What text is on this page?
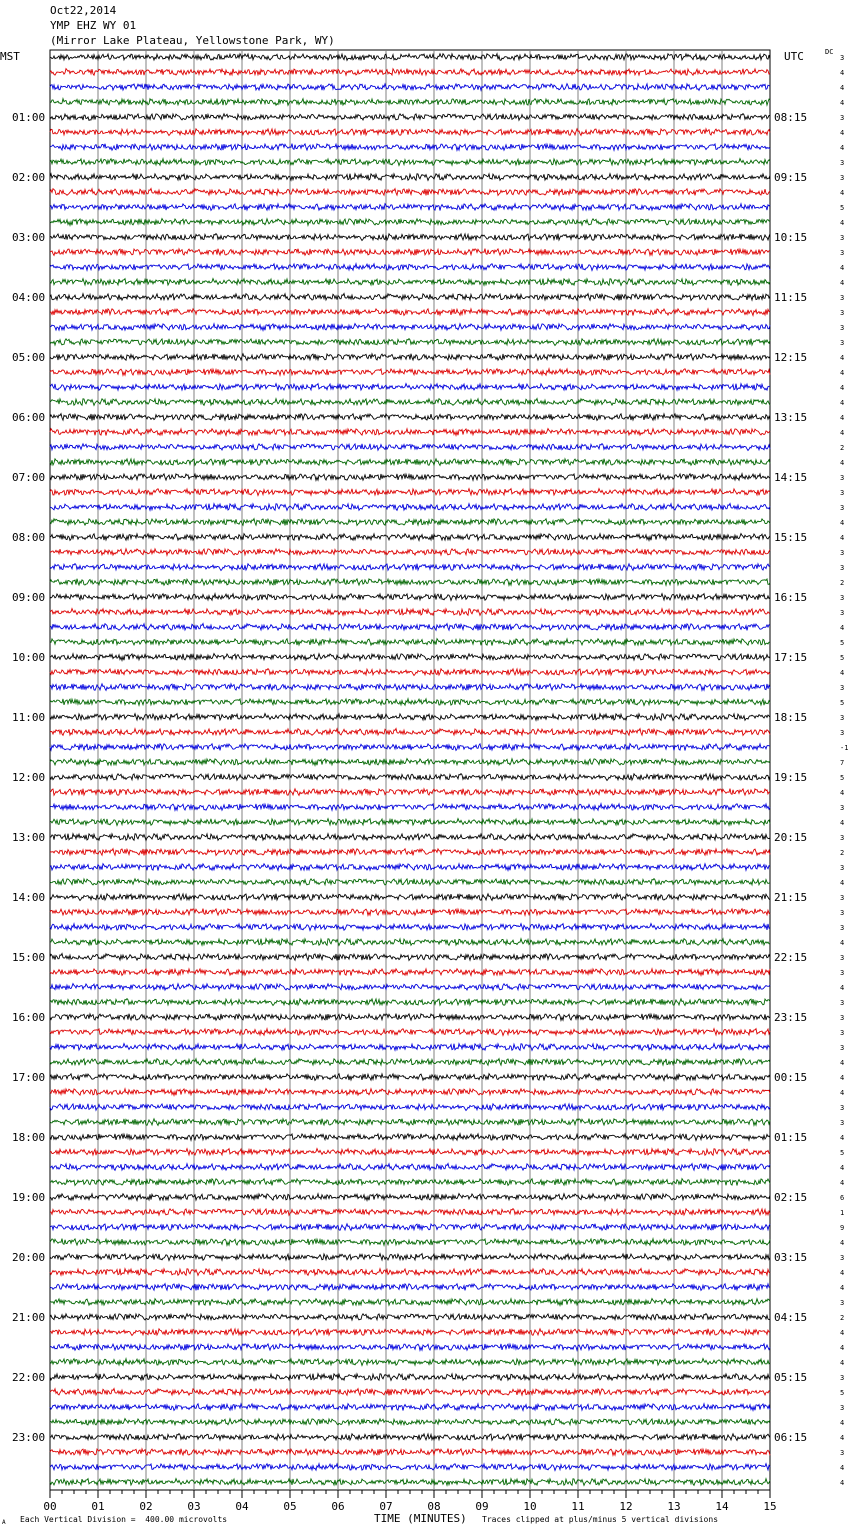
Oct22,2014
YMP EHZ WY 01
(Mirror Lake Plateau, Yellowstone Park, WY)
MST	UTC	DC
3
4
4
4
3
4
4
3
3
4
5
4
3
3
4
4
3
3
3
3
4
4
4
4
4
4
2
4
3
3
3
4
4
3
3
2
3
3
4
5
5
4
3
5
3
3
-1
7
5
4
3
4
3
2
3
4
3
3
3
4
3
3
4
3
3
3
3
4
4
4
3
3
4
5
4
4
6
1
9
4
3
4
4
3
2
4
4
4
3
5
3
4
4
3
4
4
01:00	08:15
02:00	09:15
03:00	10:15
04:00	11:15
05:00	12:15
06:00	13:15
07:00	14:15
08:00	15:15
09:00	16:15
10:00	17:15
11:00	18:15
12:00	19:15
13:00	20:15
14:00	21:15
15:00	22:15
16:00	23:15
17:00	00:15
18:00	01:15
19:00	02:15
20:00	03:15
21:00	04:15
22:00	05:15
23:00	06:15
00	01	02	03	04	05	06	07	08	09	10	11	12	13	14	15
A Each Vertical Division =  400.00 microvolts	TIME (MINUTES) Traces clipped at plus/minus 5 vertical divisions
